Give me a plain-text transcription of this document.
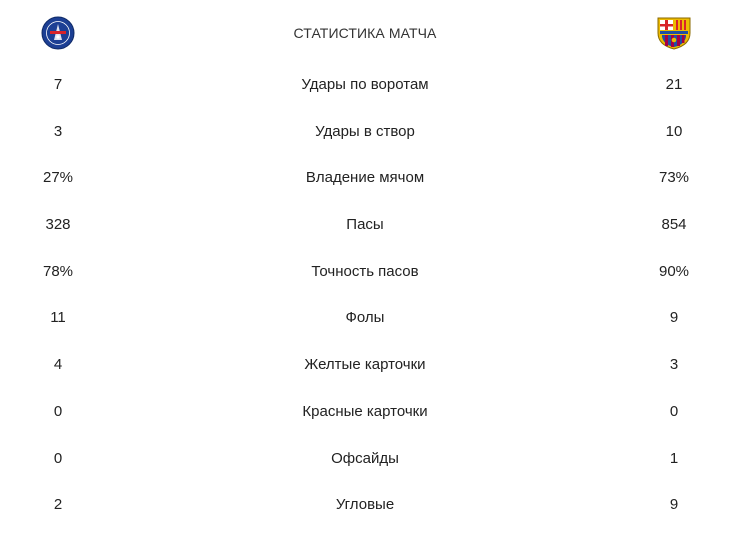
СТАТИСТИКА МАТЧА
7	Удары по воротам	21
3	Удары в створ	10
27%	Владение мячом	73%
328	Пасы	854
78%	Точность пасов	90%
11	Фолы	9
4	Желтые карточки	3
0	Красные карточки	0
0	Офсайды	1
2	Угловые	9
